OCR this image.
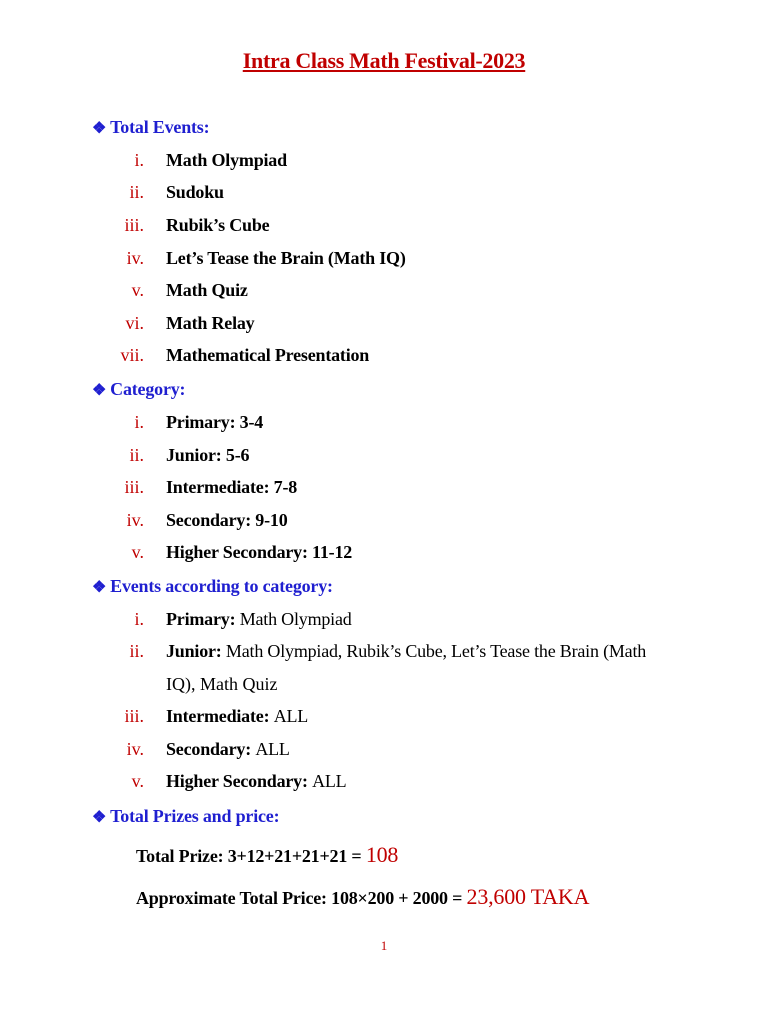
Intra Class Math Festival-2023
❖ Total Events:
i. Math Olympiad
ii. Sudoku
iii. Rubik’s Cube
iv. Let’s Tease the Brain (Math IQ)
v. Math Quiz
vi. Math Relay
vii. Mathematical Presentation
❖ Category:
i. Primary: 3-4
ii. Junior: 5-6
iii. Intermediate: 7-8
iv. Secondary: 9-10
v. Higher Secondary: 11-12
❖ Events according to category:
i. Primary: Math Olympiad
ii. Junior: Math Olympiad, Rubik’s Cube, Let’s Tease the Brain (Math
IQ), Math Quiz
iii. Intermediate: ALL
iv. Secondary: ALL
v. Higher Secondary: ALL
❖ Total Prizes and price:
Total Prize: 3+12+21+21+21 = 108
Approximate Total Price: 108×200 + 2000 = 23,600 TAKA
1
